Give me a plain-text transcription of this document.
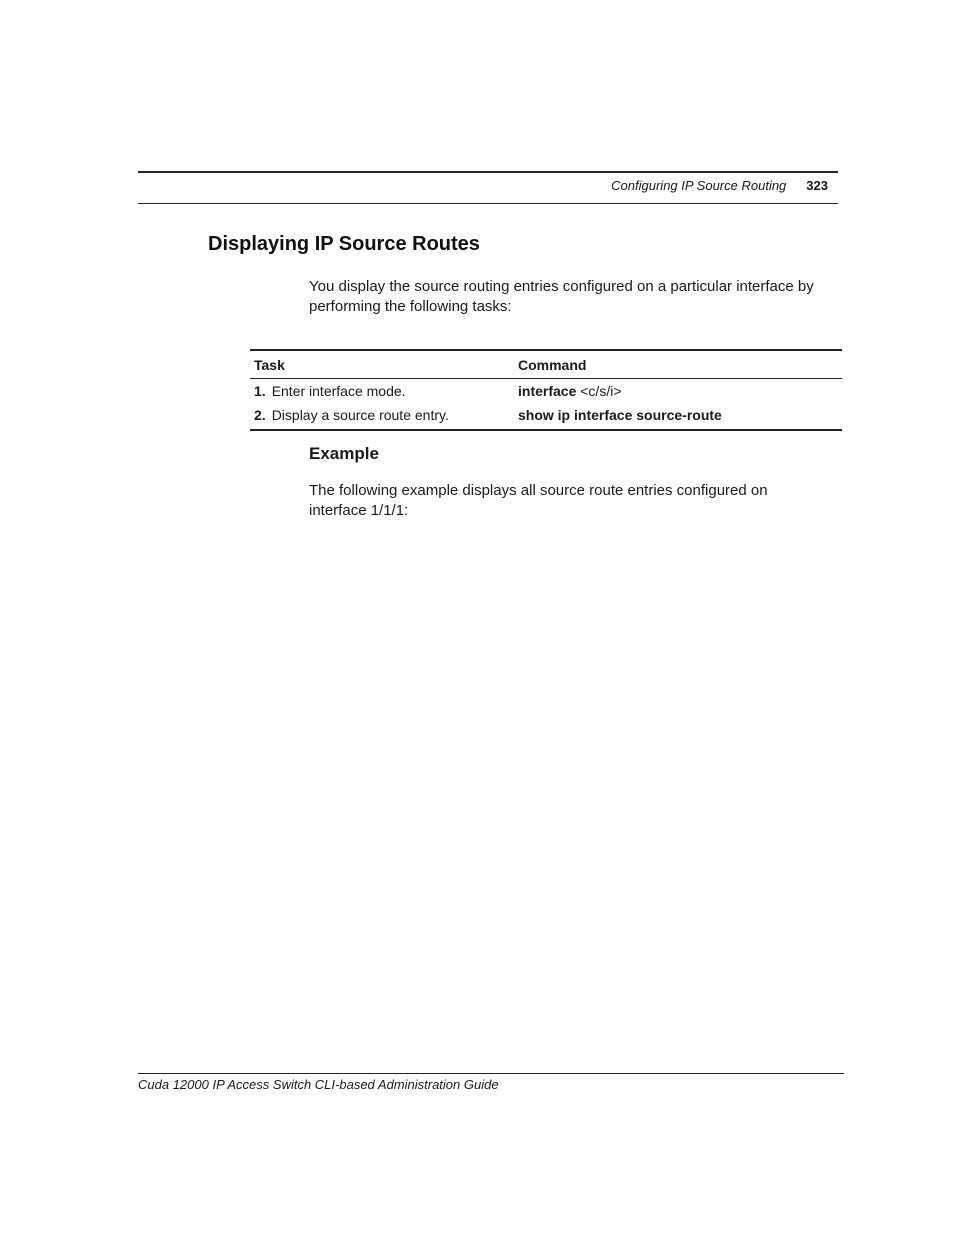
Configuring IP Source Routing 323
Displaying IP Source Routes

You display the source routing entries configured on a particular interface by performing the following tasks:

Task	Command
1. Enter interface mode.	interface <c/s/i>
2. Display a source route entry.	show ip interface source-route
Example

The following example displays all source route entries configured on interface 1/1/1:

Cuda 12000 IP Access Switch CLI-based Administration Guide
